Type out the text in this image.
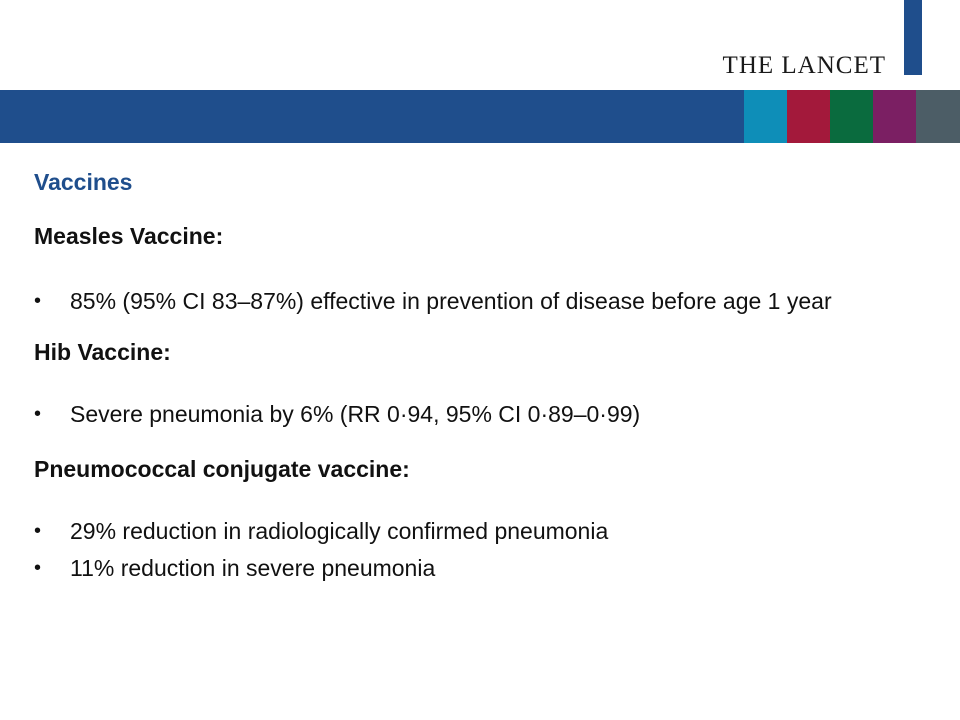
THE LANCET
Vaccines
Measles Vaccine:
• 85% (95% CI 83–87%) effective in prevention of disease before age 1 year
Hib Vaccine:
• Severe pneumonia by 6% (RR 0·94, 95% CI 0·89–0·99)
Pneumococcal conjugate vaccine:
• 29% reduction in radiologically confirmed pneumonia
• 11% reduction in severe pneumonia
